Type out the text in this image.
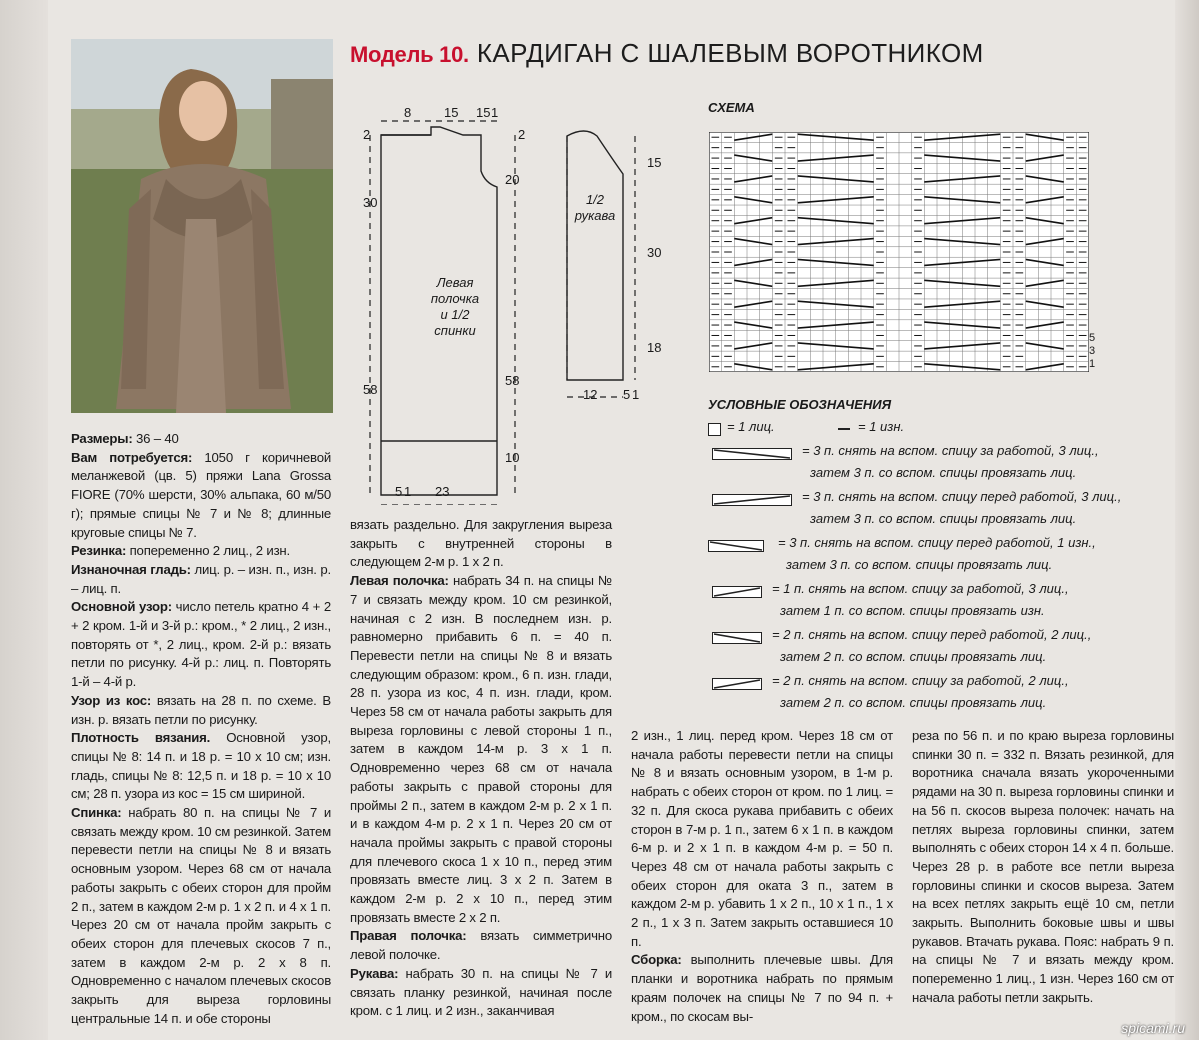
Модель 10. КАРДИГАН С ШАЛЕВЫМ ВОРОТНИКОМ

Размеры: 36 – 40

Вам потребуется: 1050 г коричневой меланжевой (цв. 5) пряжи Lana Grossa FIORE (70% шерсти, 30% альпака, 60 м/50 г); прямые спицы № 7 и № 8; длинные круговые спицы № 7.

Резинка: попеременно 2 лиц., 2 изн.

Изнаночная гладь: лиц. р. – изн. п., изн. р. – лиц. п.

Основной узор: число петель кратно 4 + 2 + 2 кром. 1-й и 3-й р.: кром., * 2 лиц., 2 изн., повторять от *, 2 лиц., кром. 2-й р.: вязать петли по рисунку. 4-й р.: лиц. п. Повторять 1-й – 4-й р.

Узор из кос: вязать на 28 п. по схеме. В изн. р. вязать петли по рисунку.

Плотность вязания. Основной узор, спицы № 8: 14 п. и 18 р. = 10 х 10 см; изн. гладь, спицы № 8: 12,5 п. и 18 р. = 10 х 10 см; 28 п. узора из кос = 15 см шириной.

Спинка: набрать 80 п. на спицы № 7 и связать между кром. 10 см резинкой. Затем перевести петли на спицы № 8 и вязать основным узором. Через 68 см от начала работы закрыть с обеих сторон для пройм 2 п., затем в каждом 2-м р. 1 х 2 п. и 4 х 1 п. Через 20 см от начала пройм закрыть с обеих сторон для плечевых скосов 7 п., затем в каждом 2-м р. 2 х 8 п. Одновременно с началом плечевых скосов закрыть для выреза горловины центральные 14 п. и обе стороны

вязать раздельно. Для закругления выреза закрыть с внутренней стороны в следующем 2-м р. 1 х 2 п.

Левая полочка: набрать 34 п. на спицы № 7 и связать между кром. 10 см резинкой, начиная с 2 изн. В последнем изн. р. равномерно прибавить 6 п. = 40 п. Перевести петли на спицы № 8 и вязать следующим образом: кром., 6 п. изн. глади, 28 п. узора из кос, 4 п. изн. глади, кром. Через 58 см от начала работы закрыть для выреза горловины с левой стороны 1 п., затем в каждом 14-м р. 3 х 1 п. Одновременно через 68 см от начала работы закрыть с правой стороны для проймы 2 п., затем в каждом 2-м р. 2 х 1 п. и в каждом 4-м р. 2 х 1 п. Через 20 см от начала проймы закрыть с правой стороны для плечевого скоса 1 х 10 п., перед этим провязать вместе лиц. 3 х 2 п. Затем в каждом 2-м р. 2 х 10 п., перед этим провязать вместе 2 х 2 п.

Правая полочка: вязать симметрично левой полочке.

Рукава: набрать 30 п. на спицы № 7 и связать планку резинкой, начиная после кром. с 1 лиц. и 2 изн., заканчивая

2 изн., 1 лиц. перед кром. Через 18 см от начала работы перевести петли на спицы № 8 и вязать основным узором, в 1-м р. набрать с обеих сторон от кром. по 1 лиц. = 32 п. Для скоса рукава прибавить с обеих сторон в 7-м р. 1 п., затем 6 х 1 п. в каждом 6-м р. и 2 х 1 п. в каждом 4-м р. = 50 п. Через 48 см от начала работы закрыть с обеих сторон для оката 3 п., затем в каждом 2-м р. убавить 1 х 2 п., 10 х 1 п., 1 х 2 п., 1 х 3 п. Затем закрыть оставшиеся 10 п.

Сборка: выполнить плечевые швы. Для планки и воротника набрать по прямым краям полочек на спицы № 7 по 94 п. + кром., по скосам вы-

реза по 56 п. и по краю выреза горловины спинки 30 п. = 332 п. Вязать резинкой, для воротника сначала вязать укороченными рядами на 30 п. выреза горловины спинки и на 56 п. скосов выреза полочек: начать на петлях выреза горловины спинки, затем выполнять с обеих сторон 14 х 4 п. больше. Через 28 р. в работе все петли выреза горловины спинки и скосов выреза. Затем на всех петлях закрыть ещё 10 см, петли закрыть. Выполнить боковые швы и швы рукавов. Втачать рукава. Пояс: набрать 9 п. на спицы № 7 и вязать между кром. попеременно 1 лиц., 1 изн. Через 160 см от начала работы петли закрыть.

8	15 15 1
2	2
20
30
Левая
полочка
и 1/2
спинки
58
58
10
5 1 23
1/2
рукава
12 5 1
СХЕМА
15
30
18
5
3
1
УСЛОВНЫЕ ОБОЗНАЧЕНИЯ
= 1 лиц.	= 1 изн.
= 3 п. снять на вспом. спицу за работой, 3 лиц.,
затем 3 п. со вспом. спицы провязать лиц.
= 3 п. снять на вспом. спицу перед работой, 3 лиц.,
затем 3 п. со вспом. спицы провязать лиц.
= 3 п. снять на вспом. спицу перед работой, 1 изн.,
затем 3 п. со вспом. спицы провязать лиц.
= 1 п. снять на вспом. спицу за работой, 3 лиц.,
затем 1 п. со вспом. спицы провязать изн.
= 2 п. снять на вспом. спицу перед работой, 2 лиц.,
затем 2 п. со вспом. спицы провязать лиц.
= 2 п. снять на вспом. спицу за работой, 2 лиц.,
затем 2 п. со вспом. спицы провязать лиц.
spicami.ru
